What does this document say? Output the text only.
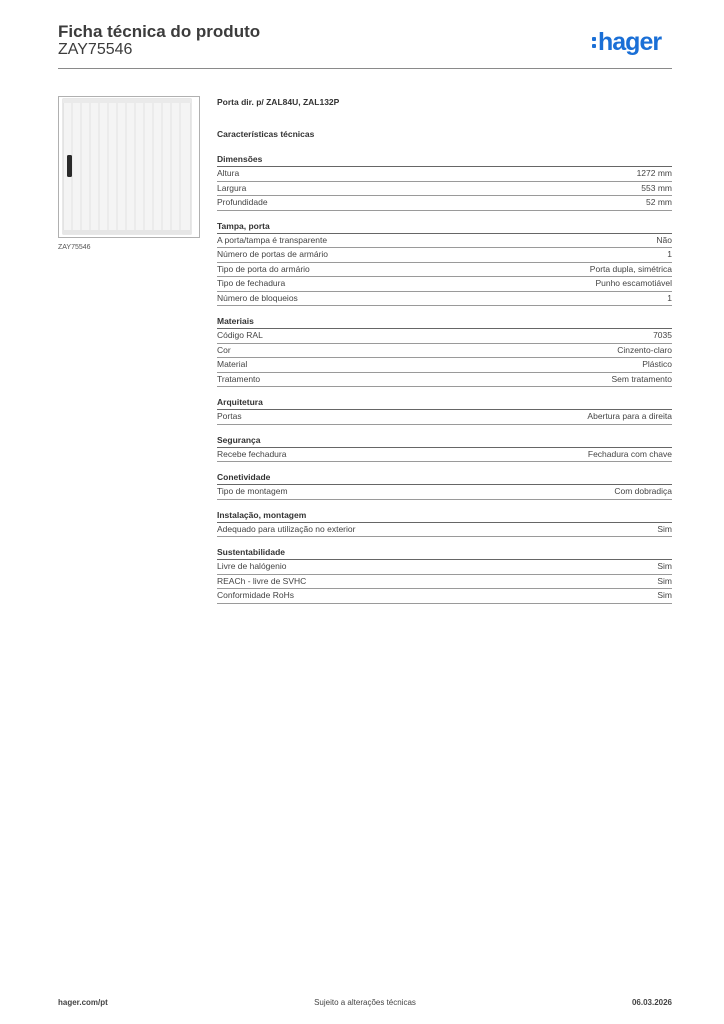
Ficha técnica do produto
ZAY75546	hager
ZAY75546
Porta dir. p/ ZAL84U, ZAL132P
Características técnicas
Dimensões
Altura	1272 mm
Largura	553 mm
Profundidade	52 mm
Tampa, porta
A porta/tampa é transparente	Não
Número de portas de armário	1
Tipo de porta do armário	Porta dupla, simétrica
Tipo de fechadura	Punho escamotiável
Número de bloqueios	1
Materiais
Código RAL	7035
Cor	Cinzento-claro
Material	Plástico
Tratamento	Sem tratamento
Arquitetura
Portas	Abertura para a direita
Segurança
Recebe fechadura	Fechadura com chave
Conetividade
Tipo de montagem	Com dobradiça
Instalação, montagem
Adequado para utilização no exterior	Sim
Sustentabilidade
Livre de halógenio	Sim
REACh - livre de SVHC	Sim
Conformidade RoHs	Sim
Sujeito a alterações técnicas
hager.com/pt	06.03.2026
